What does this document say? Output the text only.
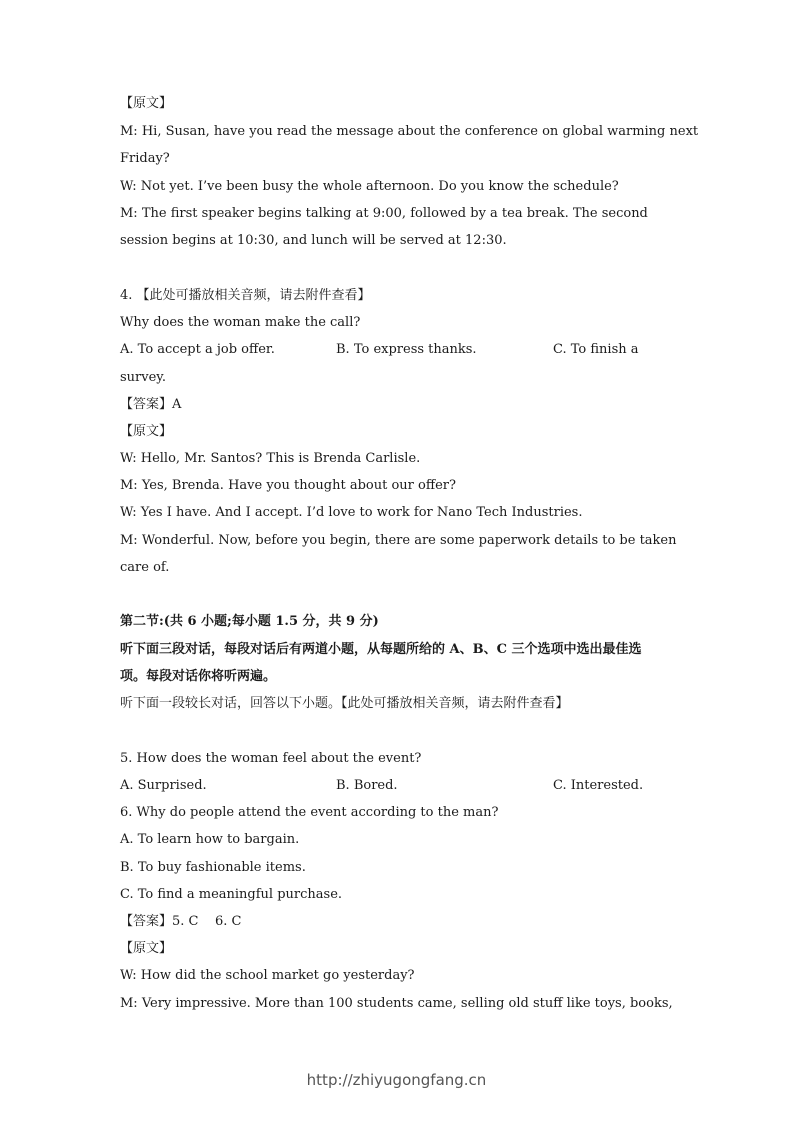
【原文】
M: Hi, Susan, have you read the message about the conference on global warming next
Friday?
W: Not yet. I’ve been busy the whole afternoon. Do you know the schedule?
M: The first speaker begins talking at 9:00, followed by a tea break. The second
session begins at 10:30, and lunch will be served at 12:30.
4. 【此处可播放相关音频，请去附件查看】
Why does the woman make the call?
A. To accept a job offer.	B. To express thanks.	C. To finish a
survey.
【答案】A
【原文】
W: Hello, Mr. Santos? This is Brenda Carlisle.
M: Yes, Brenda. Have you thought about our offer?
W: Yes I have. And I accept. I’d love to work for Nano Tech Industries.
M: Wonderful. Now, before you begin, there are some paperwork details to be taken
care of.
第二节:(共 6 小题;每小题 1.5 分，共 9 分)
听下面三段对话，每段对话后有两道小题，从每题所给的 A、B、C 三个选项中选出最佳选
项。每段对话你将听两遍。
听下面一段较长对话，回答以下小题。【此处可播放相关音频，请去附件查看】
5. How does the woman feel about the event?
A. Surprised.	B. Bored.	C. Interested.
6. Why do people attend the event according to the man?
A. To learn how to bargain.
B. To buy fashionable items.
C. To find a meaningful purchase.
【答案】5. C    6. C
【原文】
W: How did the school market go yesterday?
M: Very impressive. More than 100 students came, selling old stuff like toys, books,
http://zhiyugongfang.cn
